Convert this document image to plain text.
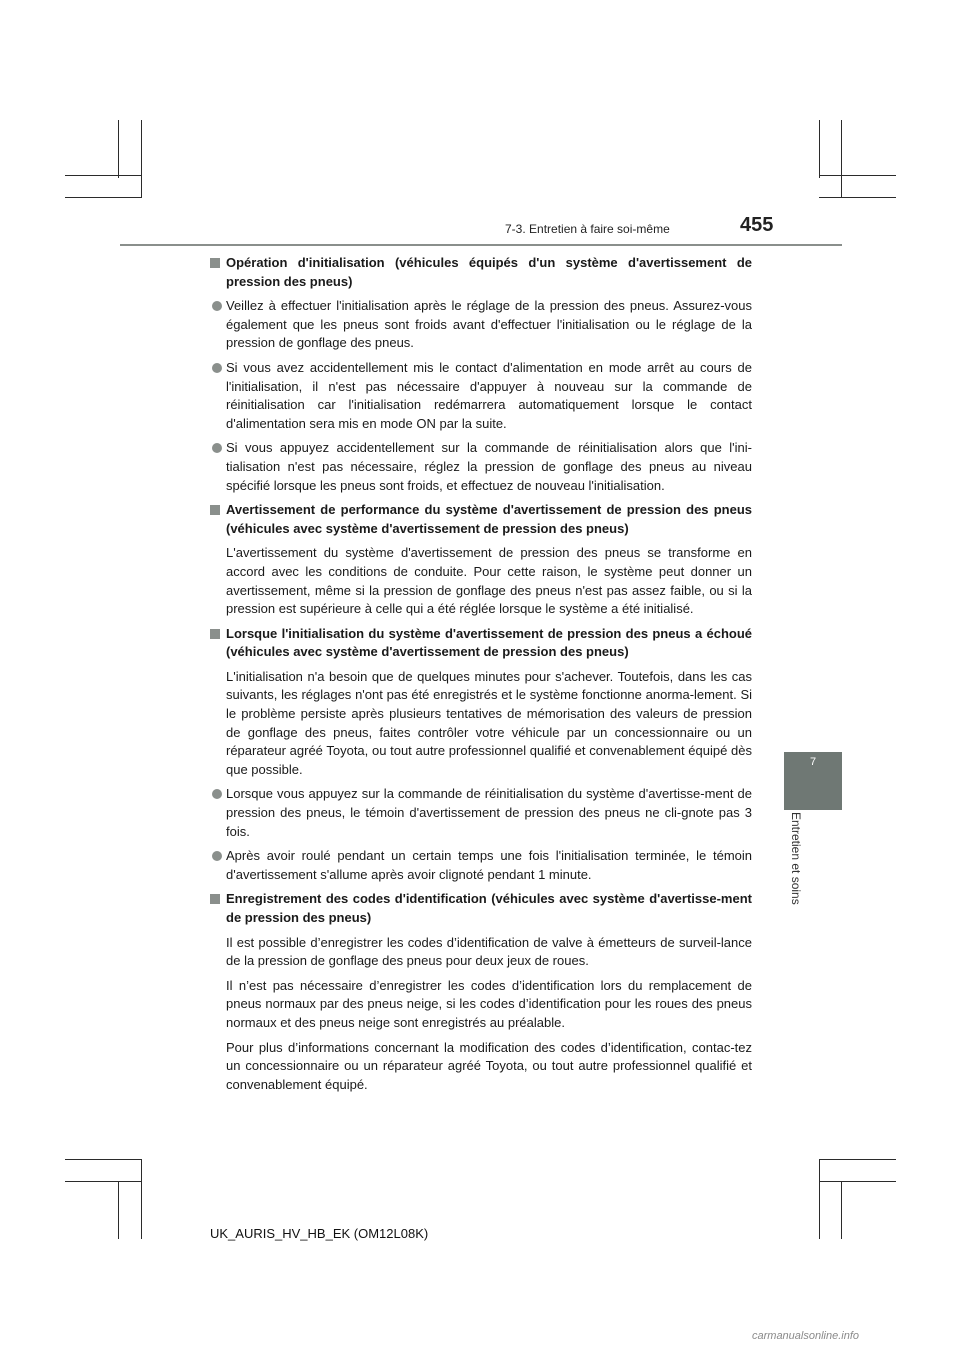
7-3. Entretien à faire soi-même	455
7
Entretien et soins

Opération d'initialisation (véhicules équipés d'un système d'avertissement de pression des pneus)

Veillez à effectuer l'initialisation après le réglage de la pression des pneus. Assurez-vous également que les pneus sont froids avant d'effectuer l'initialisation ou le réglage de la pression de gonflage des pneus.
Si vous avez accidentellement mis le contact d'alimentation en mode arrêt au cours de l'initialisation, il n'est pas nécessaire d'appuyer à nouveau sur la commande de réinitialisation car l'initialisation redémarrera automatiquement lorsque le contact d'alimentation sera mis en mode ON par la suite.
Si vous appuyez accidentellement sur la commande de réinitialisation alors que l'ini-tialisation n'est pas nécessaire, réglez la pression de gonflage des pneus au niveau spécifié lorsque les pneus sont froids, et effectuez de nouveau l'initialisation.

Avertissement de performance du système d'avertissement de pression des pneus (véhicules avec système d'avertissement de pression des pneus)

L'avertissement du système d'avertissement de pression des pneus se transforme en accord avec les conditions de conduite. Pour cette raison, le système peut donner un avertissement, même si la pression de gonflage des pneus n'est pas assez faible, ou si la pression est supérieure à celle qui a été réglée lorsque le système a été initialisé.

Lorsque l'initialisation du système d'avertissement de pression des pneus a échoué (véhicules avec système d'avertissement de pression des pneus)

L'initialisation n'a besoin que de quelques minutes pour s'achever. Toutefois, dans les cas suivants, les réglages n'ont pas été enregistrés et le système fonctionne anorma-lement. Si le problème persiste après plusieurs tentatives de mémorisation des valeurs de pression de gonflage des pneus, faites contrôler votre véhicule par un concessionnaire ou un réparateur agréé Toyota, ou tout autre professionnel qualifié et convenablement équipé dès que possible.

Lorsque vous appuyez sur la commande de réinitialisation du système d'avertisse-ment de pression des pneus, le témoin d'avertissement de pression des pneus ne cli-gnote pas 3 fois.
Après avoir roulé pendant un certain temps une fois l'initialisation terminée, le témoin d'avertissement s'allume après avoir clignoté pendant 1 minute.

Enregistrement des codes d'identification (véhicules avec système d'avertisse-ment de pression des pneus)

Il est possible d’enregistrer les codes d’identification de valve à émetteurs de surveil-lance de la pression de gonflage des pneus pour deux jeux de roues.

Il n’est pas nécessaire d’enregistrer les codes d’identification lors du remplacement de pneus normaux par des pneus neige, si les codes d’identification pour les roues des pneus normaux et des pneus neige sont enregistrés au préalable.

Pour plus d’informations concernant la modification des codes d’identification, contac-tez un concessionnaire ou un réparateur agréé Toyota, ou tout autre professionnel qualifié et convenablement équipé.

UK_AURIS_HV_HB_EK (OM12L08K)
carmanualsonline.info
